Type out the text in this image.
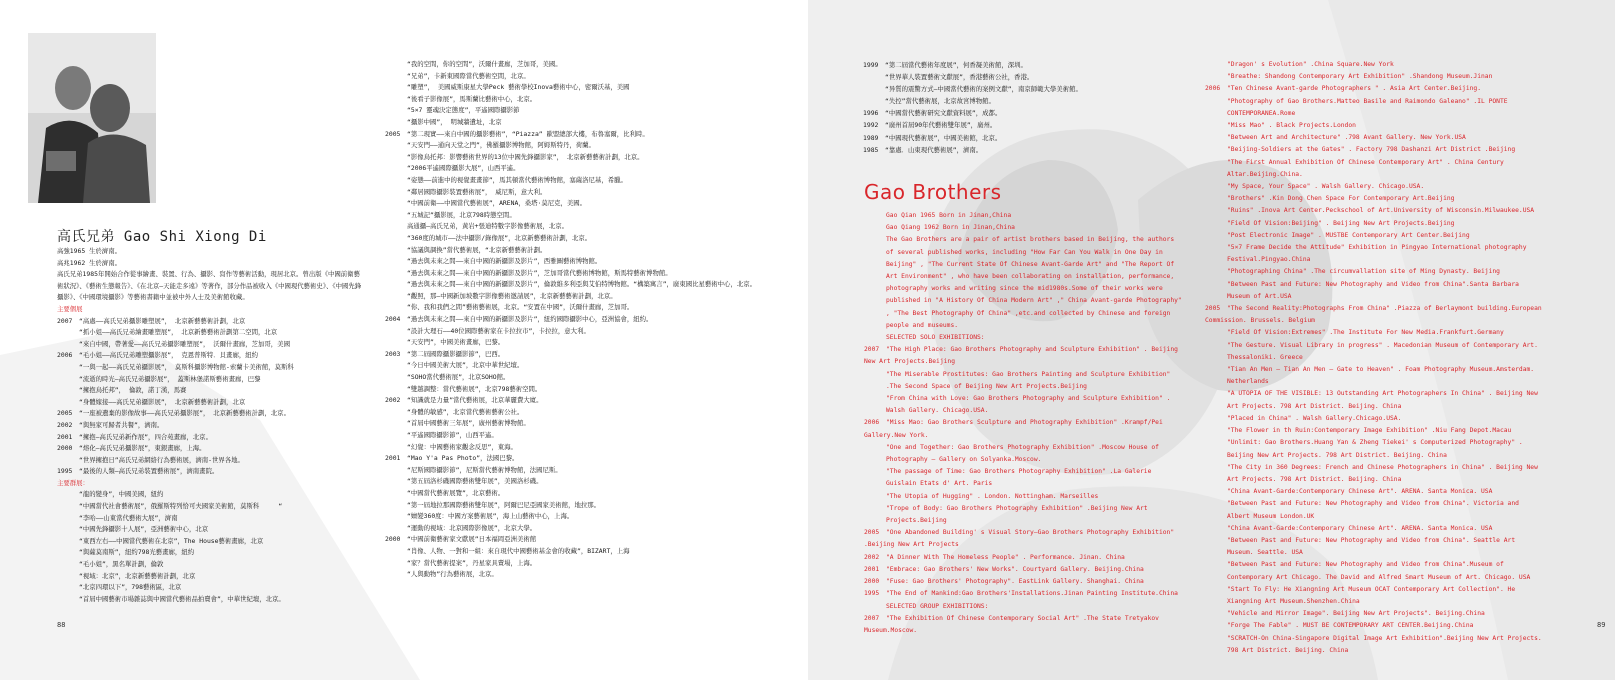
高氏兄弟 Gao Shi Xiong Di
高強1965 生於濟南。
高兆1962 生於濟南。
高氏兄弟1985年開始合作從事繪畫、裝置、行為、攝影、寫作等藝術活動，現居北京。曾出版《中國前衛藝術狀況》、《藝術生態報告》、《在北京—天能走多遠》等著作，部分作品被收入《中國現代藝術史》、《中國先鋒攝影》、《中國環境攝影》等藝術書籍中並被中外人士及美術館收藏。
主要個展
2007 “高處——高氏兄弟攝影雕塑展”， 北京新藝藝術計劃，北京
“抓小姐——高氏兄弟繪畫雕塑展”， 北京新藝藝術計劃第二空間，北京
“來自中國，帶著愛——高氏兄弟攝影雕塑展”， 沃爾什畫廊，芝加哥，美國
2006 “毛小姐——高氏兄弟雕塑攝影展”， 克恩普斯特．貝畫廊，紐約
“一與一起——高氏兄弟攝影展”， 莫斯科攝影博物館-索蘭卡美術館，莫斯科
“流逝的時光—高氏兄弟攝影展”， 蓋斯林堡諾斯藝術畫廊，巴黎
“擁抱烏托邦”， 倫敦，諾丁漢，馬賽
“身體嫁接——高氏兄弟攝影展”， 北京新藝藝術計劃，北京
2005 “一座被遺棄的影像故事——高氏兄弟攝影展”， 北京新藝藝術計劃，北京。
2002 “與無家可歸者共餐”，濟南。
2001 “擁抱—高氏兄弟新作展”，四合苑畫廊，北京。
2000 “熔化—高氏兄弟攝影展”，東銀畫廊，上海。
“世界擁抱日”高氏兄弟網絡行為藝術展，濟南-世界各地。
1995 “最後的人類—高氏兄弟裝置藝術展”，濟南畫院。
主要群展：
“龍的變身”，中國美國，紐約
“中國當代社會藝術展”，俄羅斯特列恰可夫國家美術館，莫斯科　　　“
“李哈——山東當代藝術大展”，濟南
“中國先鋒攝影十人展”，亞洲藝術中心，北京
“東西左右——中國當代藝術在北京”，The House藝術畫廊，北京
“與薩莫南斯”，紐約798光藝畫廊，紐約
“毛小姐”，黑名單計劃，倫敦
“視域：北京”，北京新藝藝術計劃，北京
“北京四環以下”，798藝術區，北京
“首屆中國藝術市場雜誌與中國當代藝術品拍賣會”，中華世紀壇，北京。
“我的空間，你的空間”，沃爾什畫廊，芝加哥，美國。
“兄弟”，卡新東國際當代藝術空間，北京。
“雕塑”， 美國威斯康星大學Peck 藝術學校Inova藝術中心，密爾沃基，美國
“後看子影像展”，馬斯蘭比藝術中心，北京。
“5×7 靈魂決定態度”，平遙國際攝影節
“攝影中國”， 明城牆遺址，北京
2005 “第二現實——來自中國的攝影藝術”，“Piazza” 歐盟總部大樓，布魯塞爾，比利時。
“天安門——通向天堂之門”，佛羅攝影博物館，阿姆斯特丹，荷蘭。
“影像烏托邦：影響藝術世界的13位中國先鋒攝影家”， 北京新藝藝術計劃，北京。
“2006平遙國際攝影大展”，山西平遙。
“姿態——前進中的視覺畫畫節”，馬其頓當代藝術博物館，塞薩洛尼基，希臘。
“鄰居國際攝影裝置藝術展”， 威尼斯，意大利。
“中國前衛——中國當代藝術展”，ARENA，桑塔·莫尼克，美國。
“五城記”攝影展，北京798時態空間。
高通攝—高氏兄弟，黃岩+張迪特數字影像藝術展，北京。
“360度的城市——法中攝影/錄像展”，北京新藝藝術計劃，北京。
“協議與調換”當代藝術展，“北京新藝藝術計劃。
“過去與未來之間——來自中國的新攝影及影片”，西雅圖藝術博物館。
“過去與未來之間——來自中國的新攝影及影片”，芝加哥當代藝術博物館，斯馬特藝術博物館。
“過去與未來之間——來自中國的新攝影及影片”，倫敦維多利亞與艾伯特博物館。“構築寓言”，廣東國比星藝術中心，北京。
“觀照，那—中國新加坡數字影像藝術邀請展”，北京新藝藝術計劃，北京。
“你、我和我們之間”藝術藝術展，北京。“安置在中國”，沃爾什畫廊，芝加哥。
2004 “過去與未來之間——來自中國的新攝影及影片”，紐約國際攝影中心，亞洲協會，紐約。
“設計大理石——40位國際藝術家在卡拉拉市”，卡拉拉，意大利。
“天安門”，中國美術畫廊，巴黎。
2003 “第二屆國際攝影攝影節”，巴西。
“今日中國美術大展”，北京中華世紀壇。
“SOHO當代藝術展”，北京SOHO館。
“雙越調整：當代藝術展”，北京798藝術空間。
2002 “知識就是力量”當代藝術展，北京華麗費大廈。
“身體的敏感”，北京當代藝術藝術公社。
“首屆中國藝術三年展”，廣州藝術博物館。
“平遙國際攝影節”，山西平遙。
“幻覺：中國藝術家觀念反思”，東海。
2001 “Mao Y'a Pas Photo”，法國巴黎。
“尼斯國際攝影節”，尼斯當代藝術博物館，法國尼斯。
“第五屆洛杉磯國際藝術雙年展”，美國洛杉磯。
“中國當代藝術展覽”，北京藝術。
“第一屆地拉那國際藝術雙年展”，阿爾巴尼亞國家美術館，地拉那。
“嬗變360度：中國方案藝術展”，海上山藝術中心，上海。
“運動的視域：北京國際影像展”，北京大學。
2000 “中國前衛藝術家文獻展”日本福岡亞洲美術館
“肖像、人物、一對和一組：來自現代中國藝術基金會的收藏”，BIZART，上海
“家？當代藝術提案”，丹星家具賣場，上海。
“人與動物”行為藝術展，北京。
88	89
1999 “第二屆當代藝術年度展”，何香凝美術館，深圳。
“世界華人裝置藝術文獻展”，香港藝術公社，香港。
“异質的震驚方式—中國當代藝術的案例文獻”，南京師範大學美術館。
“失控”當代藝術展，北京故宮博物館。
1996 “中國當代藝術研究文獻資料展”，成都。
1992 “廣州首屆90年代藝術雙年展”，廣州。
1989 “中國現代藝術展”，中國美術館，北京。
1985 “靠處．山東現代藝術展”，濟南。
Gao Brothers
Gao Qian 1965 Born in Jinan,China
Gao Qiang 1962 Born in Jinan,China
The Gao Brothers are a pair of artist brothers based in Beijing, the authors of several published works, including "How Far Can You Walk in One Day in Beijing" , "The Current State Of Chinese Avant-Garde Art" and "The Report Of Art Environment" , who have been collaborating on installation, performance, photography works and writing since the mid1980s.Some of their works were published in "A History Of China Modern Art" ," China Avant-garde Photography" , "The Best Photography Of China" ,etc.and collected by Chinese and foreign people and museums.
SELECTED SOLO EXHIBITIONS:
2007 "The High Place: Gao Brothers Photography and Sculpture Exhibition" . Beijing New Art Projects.Beijing
"The Miserable Prostitutes: Gao Brothers Painting and Sculpture Exhibition" .The Second Space of Beijing New Art Projects.Beijing
"From China with Love: Gao Brothers Photography and Sculpture Exhibition" . Walsh Gallery. Chicago.USA.
2006 "Miss Mao: Gao Brothers Sculpture and Photography Exhibition" .Krampf/Pei Gallery.New York.
"One and Together: Gao Brothers Photography Exhibition" .Moscow House of Photography – Gallery on Solyanka.Moscow.
"The passage of Time: Gao Brothers Photography Exhibition" .La Galerie Guislain Etats d' Art. Paris
"The Utopia of Hugging" . London. Nottingham. Marseilles
"Trope of Body: Gao Brothers Photography Exhibition" .Beijing New Art Projects.Beijing
2005 "One Abandoned Building' s Visual Story—Gao Brothers Photography Exhibition" .Beijing New Art Projects
2002 "A Dinner With The Homeless People" . Performance. Jinan. China
2001 "Embrace: Gao Brothers' New Works". Courtyard Gallery. Beijing.China
2000 "Fuse: Gao Brothers' Photography". EastLink Gallery. Shanghai. China
1995 "The End of Mankind:Gao Brothers'Installations.Jinan Painting Institute.China
SELECTED GROUP EXHIBITIONS:
2007 "The Exhibition Of Chinese Contemporary Social Art" .The State Tretyakov Museum.Moscow.
"Dragon' s Evolution" .China Square.New York
"Breathe: Shandong Contemporary Art Exhibition" .Shandong Museum.Jinan
2006 "Ten Chinese Avant-garde Photographers " . Asia Art Center.Beijing.
"Photography of Gao Brothers.Matteo Basile and Raimondo Galeano" .IL PONTE CONTEMPORANEA.Rome
"Miss Mao" . Black Projects.London
"Between Art and Architecture" .798 Avant Gallery. New York.USA
"Beijing-Soldiers at the Gates" . Factory 798 Dashanzi Art District .Beijing
"The First Annual Exhibition Of Chinese Contemporary Art" . China Century Altar.Beijing.China.
"My Space, Your Space" . Walsh Gallery. Chicago.USA.
"Brothers" .Kin Dong Chen Space For Contemporary Art.Beijing
"Ruins" .Inova Art Center.Peckschool of Art.University of Wisconsin.Milwaukee.USA
"Field Of Vision:Beijing" . Beijing New Art Projects.Beijing
"Post Electronic Image" . MUSTBE Contemporary Art Center.Beijing
"5×7 Frame Decide the Attitude" Exhibition in Pingyao International photography Festival.Pingyao.China
"Photographing China" .The circumvallation site of Ming Dynasty. Beijing
"Between Past and Future: New Photography and Video from China".Santa Barbara Museum of Art.USA
2005 "The Second Reality:Photographs From China" .Piazza of Berlaymont building.European Commission. Brussels. Belgium
"Field Of Vision:Extremes" .The Institute For New Media.Frankfurt.Germany
"The Gesture. Visual Library in progress" . Macedonian Museum of Contemporary Art. Thessaloniki. Greece
"Tian An Men – Tian An Men – Gate to Heaven" . Foam Photography Museum.Amsterdam. Netherlands
"A UTOPIA OF THE VISIBLE: 13 Outstanding Art Photographers In China" . Beijing New Art Projects. 798 Art District. Beijing. China
"Placed in China" . Walsh Gallery.Chicago.USA.
"The Flower in th Ruin:Contemporary Image Exhibition" .Niu Fang Depot.Macau
"Unlimit: Gao Brothers.Huang Yan & Zheng Tiekei' s Computerized Photography" . Beijing New Art Projects. 798 Art District. Beijing. China
"The City in 360 Degrees: French and Chinese Photographers in China" . Beijing New Art Projects. 798 Art District. Beijing. China
"China Avant-Garde:Contemporary Chinese Art". ARENA. Santa Monica. USA
"Between Past and Future: New Photography and Video from China". Victoria and Albert Museum London.UK
"China Avant-Garde:Contemporary Chinese Art". ARENA. Santa Monica. USA
"Between Past and Future: New Photography and Video from China". Seattle Art Museum. Seattle. USA
"Between Past and Future: New Photography and Video from China".Museum of Contemporary Art Chicago. The David and Alfred Smart Museum of Art. Chicago. USA
"Start To Fly: He Xiangning Art Museum OCAT Contemporary Art Collection". He Xiangning Art Museum.Shenzhen.China
"Vehicle and Mirror Image". Beijing New Art Projects". Beijing.China
"Forge The Fable" . MUST BE CONTEMPORARY ART CENTER.Beijing.China
"SCRATCH-On China-Singapore Digital Image Art Exhibition".Beijing New Art Projects. 798 Art District. Beijing. China
